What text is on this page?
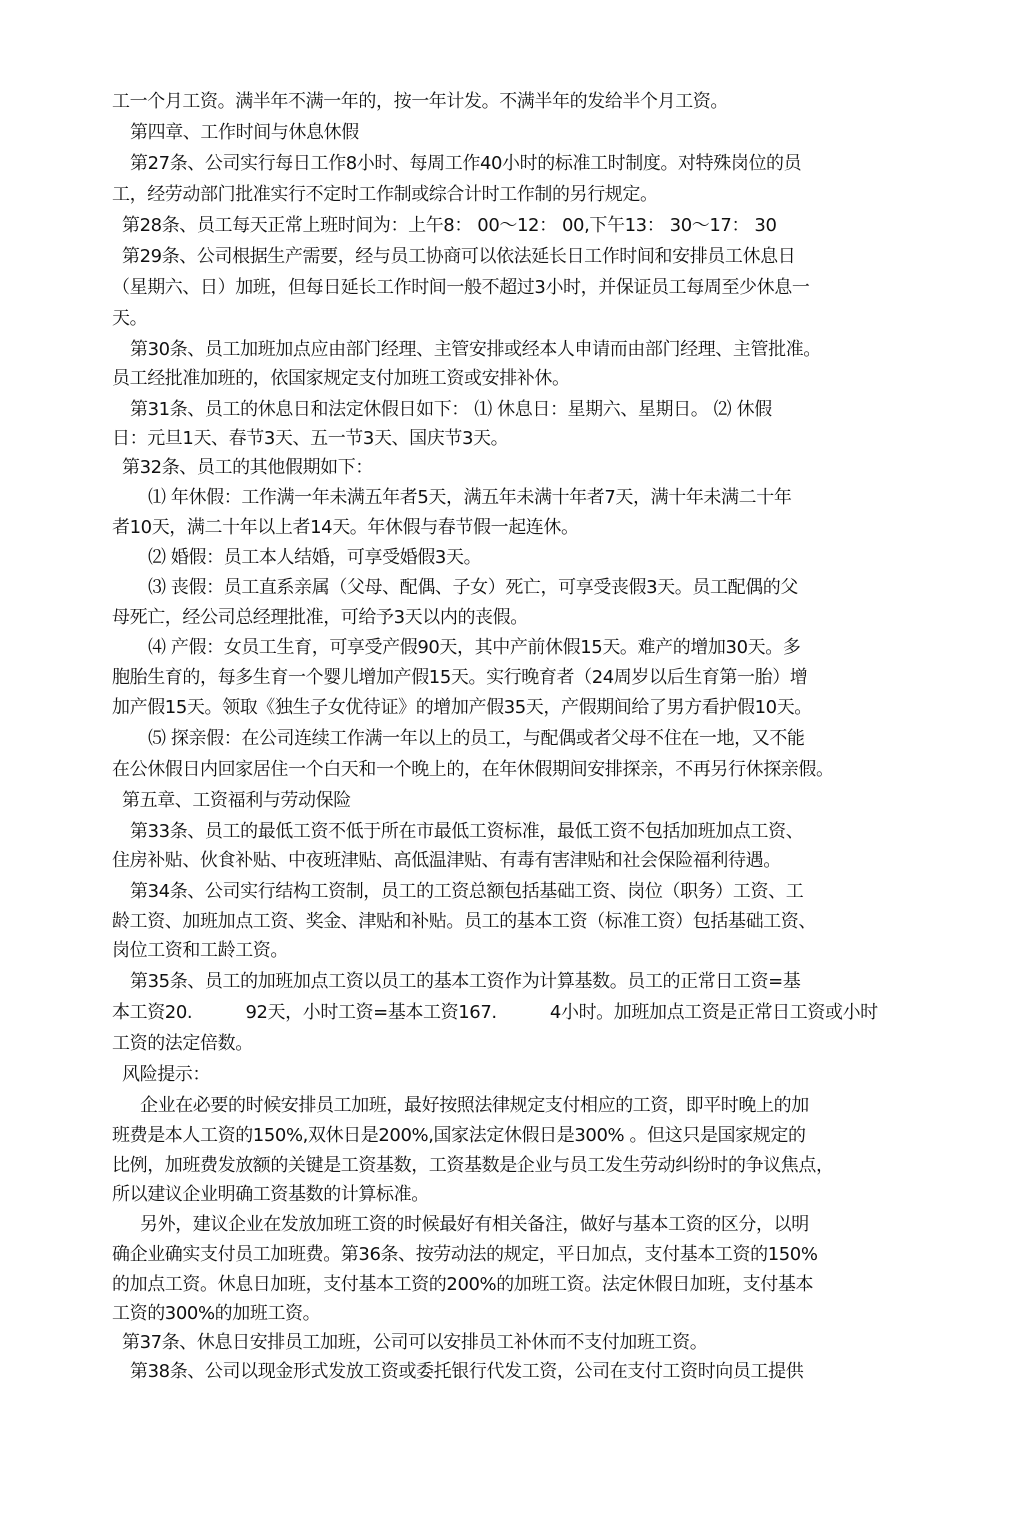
工一个月工资。满半年不满一年的，按一年计发。不满半年的发给半个月工资。
第四章、工作时间与休息休假
第27条、公司实行每日工作8小时、每周工作40小时的标准工时制度。对特殊岗位的员
工，经劳动部门批准实行不定时工作制或综合计时工作制的另行规定。
第28条、员工每天正常上班时间为：上午8： 00～12： 00,下午13： 30～17： 30
第29条、公司根据生产需要，经与员工协商可以依法延长日工作时间和安排员工休息日
（星期六、日）加班，但每日延长工作时间一般不超过3小时，并保证员工每周至少休息一
天。
第30条、员工加班加点应由部门经理、主管安排或经本人申请而由部门经理、主管批准。
员工经批准加班的，依国家规定支付加班工资或安排补休。
第31条、员工的休息日和法定休假日如下： ⑴ 休息日：星期六、星期日。 ⑵ 休假
日：元旦1天、春节3天、五一节3天、国庆节3天。
第32条、员工的其他假期如下：
⑴ 年休假：工作满一年未满五年者5天，满五年未满十年者7天，满十年未满二十年
者10天，满二十年以上者14天。年休假与春节假一起连休。
⑵ 婚假：员工本人结婚，可享受婚假3天。
⑶ 丧假：员工直系亲属（父母、配偶、子女）死亡，可享受丧假3天。员工配偶的父
母死亡，经公司总经理批准，可给予3天以内的丧假。
⑷ 产假：女员工生育，可享受产假90天，其中产前休假15天。难产的增加30天。多
胞胎生育的，每多生育一个婴儿增加产假15天。实行晚育者（24周岁以后生育第一胎）增
加产假15天。领取《独生子女优待证》的增加产假35天，产假期间给了男方看护假10天。
⑸ 探亲假：在公司连续工作满一年以上的员工，与配偶或者父母不住在一地，又不能
在公休假日内回家居住一个白天和一个晚上的，在年休假期间安排探亲，不再另行休探亲假。
第五章、工资福利与劳动保险
第33条、员工的最低工资不低于所在市最低工资标准，最低工资不包括加班加点工资、
住房补贴、伙食补贴、中夜班津贴、高低温津贴、有毒有害津贴和社会保险福利待遇。
第34条、公司实行结构工资制，员工的工资总额包括基础工资、岗位（职务）工资、工
龄工资、加班加点工资、奖金、津贴和补贴。员工的基本工资（标准工资）包括基础工资、
岗位工资和工龄工资。
第35条、员工的加班加点工资以员工的基本工资作为计算基数。员工的正常日工资=基
本工资20.          92天，小时工资=基本工资167.          4小时。加班加点工资是正常日工资或小时
工资的法定倍数。
风险提示：
企业在必要的时候安排员工加班，最好按照法律规定支付相应的工资，即平时晚上的加
班费是本人工资的150%,双休日是200%,国家法定休假日是300% 。但这只是国家规定的
比例，加班费发放额的关键是工资基数，工资基数是企业与员工发生劳动纠纷时的争议焦点，
所以建议企业明确工资基数的计算标准。
另外，建议企业在发放加班工资的时候最好有相关备注，做好与基本工资的区分，以明
确企业确实支付员工加班费。第36条、按劳动法的规定，平日加点，支付基本工资的150%
的加点工资。休息日加班，支付基本工资的200%的加班工资。法定休假日加班，支付基本
工资的300%的加班工资。
第37条、休息日安排员工加班，公司可以安排员工补休而不支付加班工资。
第38条、公司以现金形式发放工资或委托银行代发工资，公司在支付工资时向员工提供
